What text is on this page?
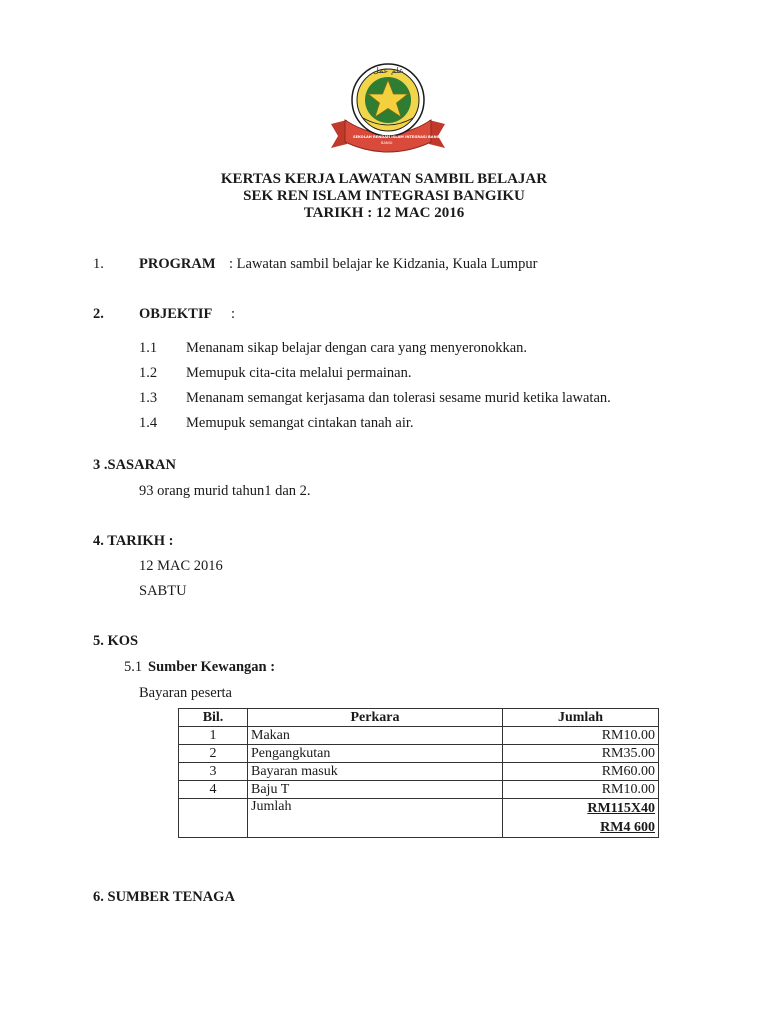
علم عمل
SEKOLAH RENDAH ISLAM INTEGRASI BANGIKU
BANGI
KERTAS KERJA LAWATAN SAMBIL BELAJAR
SEK REN ISLAM INTEGRASI BANGIKU
TARIKH : 12 MAC 2016
1. PROGRAM : Lawatan sambil belajar ke Kidzania, Kuala Lumpur
2. OBJEKTIF :
1.1 Menanam sikap belajar dengan cara yang menyeronokkan.
1.2 Memupuk cita-cita melalui permainan.
1.3 Menanam semangat kerjasama dan tolerasi sesame murid ketika lawatan.
1.4 Memupuk semangat cintakan tanah air.
3 .SASARAN
93 orang murid tahun1 dan 2.
4. TARIKH :
12 MAC 2016
SABTU
5. KOS
5.1 Sumber Kewangan :
Bayaran peserta
Bil.	Perkara	Jumlah
1	Makan	RM10.00
2	Pengangkutan	RM35.00
3	Bayaran masuk	RM60.00
4	Baju T	RM10.00
	Jumlah	RM115X40
RM4 600
6. SUMBER TENAGA
